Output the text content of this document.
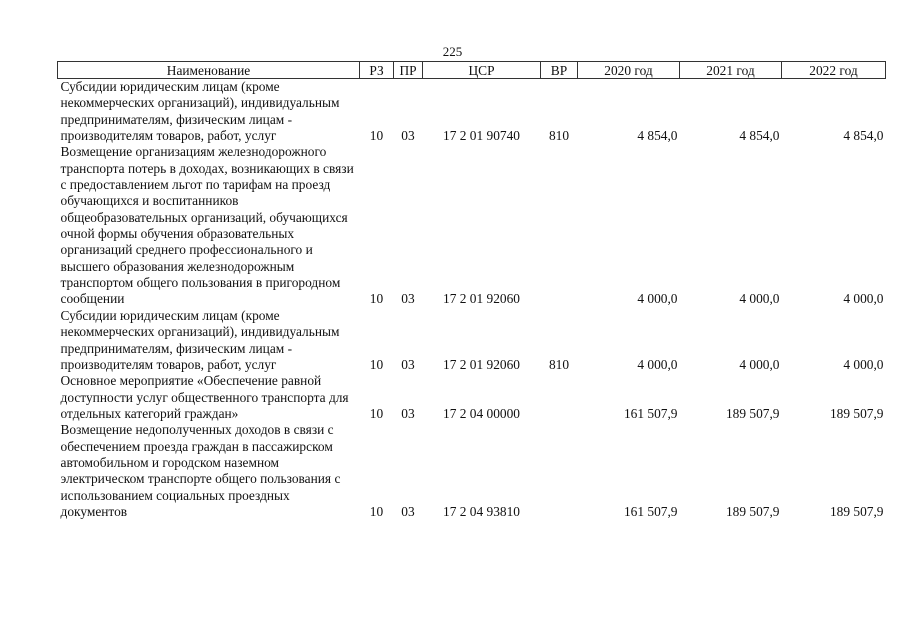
225
Наименование	РЗ	ПР	ЦСР	ВР	2020 год	2021 год	2022 год
Субсидии юридическим лицам (кроме некоммерческих организаций), индивидуальным предпринимателям, физическим лицам - производителям товаров, работ, услуг	10	03	17 2 01 90740	810	4 854,0	4 854,0	4 854,0
Возмещение организациям железнодорожного транспорта потерь в доходах, возникающих в связи с предоставлением льгот по тарифам на проезд обучающихся и воспитанников общеобразовательных организаций, обучающихся очной формы обучения образовательных организаций среднего профессионального и высшего образования железнодорожным транспортом общего пользования в пригородном сообщении	10	03	17 2 01 92060		4 000,0	4 000,0	4 000,0
Субсидии юридическим лицам (кроме некоммерческих организаций), индивидуальным предпринимателям, физическим лицам - производителям товаров, работ, услуг	10	03	17 2 01 92060	810	4 000,0	4 000,0	4 000,0
Основное мероприятие «Обеспечение равной доступности услуг общественного транспорта для отдельных категорий граждан»	10	03	17 2 04 00000		161 507,9	189 507,9	189 507,9
Возмещение недополученных доходов в связи с обеспечением проезда граждан в пассажирском автомобильном и городском наземном электрическом транспорте общего пользования с использованием социальных проездных документов	10	03	17 2 04 93810		161 507,9	189 507,9	189 507,9
